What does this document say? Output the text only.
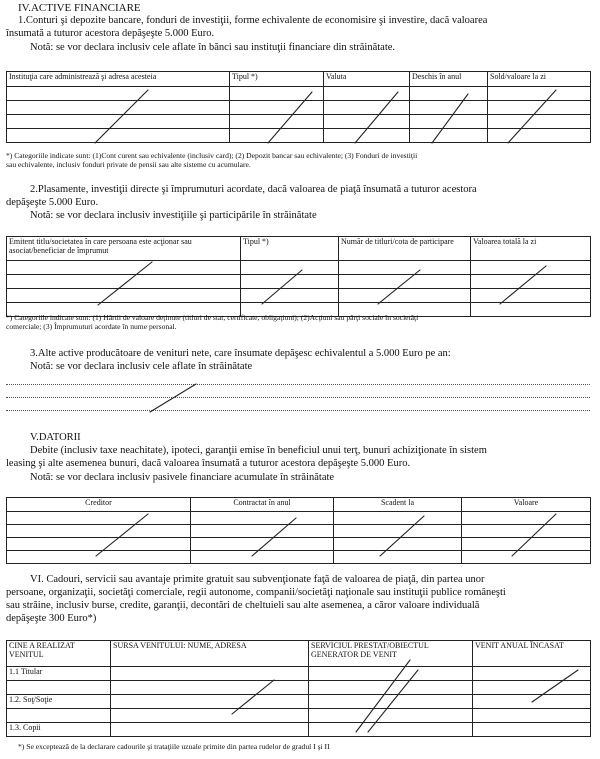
IV.ACTIVE FINANCIARE
1.Conturi şi depozite bancare, fonduri de investiţii, forme echivalente de economisire şi investire, dacă valoarea
însumată a tuturor acestora depăşeşte 5.000 Euro.
Notă: se vor declara inclusiv cele aflate în bănci sau instituţii financiare din străinătate.
Instituţia care administrează şi adresa acesteia	Tipul *)	Valuta	Deschis în anul	Sold/valoare la zi

*) Categoriile indicate sunt: (1)Cont curent sau echivalente (inclusiv card); (2) Depozit bancar sau echivalente; (3) Fonduri de investiţii
sau echivalente, inclusiv fonduri private de pensii sau alte sisteme cu acumulare.
2.Plasamente, investiţii directe şi împrumuturi acordate, dacă valoarea de piaţă însumată a tuturor acestora
depăşeşte 5.000 Euro.
Notă: se vor declara inclusiv investiţiile şi participările în străinătate
Emitent titlu/societatea în care persoana este acţionar sau asociat/beneficiar de împrumut	Tipul *)	Număr de titluri/cota de participare	Valoarea totală la zi

*) Categoriile indicate sunt: (1) Hârtii de valoare deţinute (titluri de stat, certificate, obligaţiuni); (2)Acţiuni sau părţi sociale în societăţi
comerciale; (3) Împrumuturi acordate în nume personal.
3.Alte active producătoare de venituri nete, care însumate depăşesc echivalentul a 5.000 Euro pe an:
Notă: se vor declara inclusiv cele aflate în străinătate
V.DATORII
Debite (inclusiv taxe neachitate), ipoteci, garanţii emise în beneficiul unui terţ, bunuri achiziţionate în sistem
leasing şi alte asemenea bunuri, dacă valoarea însumată a tuturor acestora depăşeşte 5.000 Euro.
Notă: se vor declara inclusiv pasivele financiare acumulate în străinătate
Creditor	Contractat în anul	Scadent la	Valoare

VI. Cadouri, servicii sau avantaje primite gratuit sau subvenţionate faţă de valoarea de piaţă, din partea unor
persoane, organizaţii, societăţi comerciale, regii autonome, companii/societăţi naţionale sau instituţii publice româneşti
sau străine, inclusiv burse, credite, garanţii, decontări de cheltuieli sau alte asemenea, a căror valoare individuală
depăşeşte 300 Euro*)
CINE A REALIZAT VENITUL	SURSA VENITULUI: NUME, ADRESA	SERVICIUL PRESTAT/OBIECTUL GENERATOR DE VENIT	VENIT ANUAL ÎNCASAT
1.1 Titular			

1.2. Soţ/Soţie			

1.3. Copii			
*) Se exceptează de la declarare cadourile şi trataţiile uzuale primite din partea rudelor de gradul I şi II
